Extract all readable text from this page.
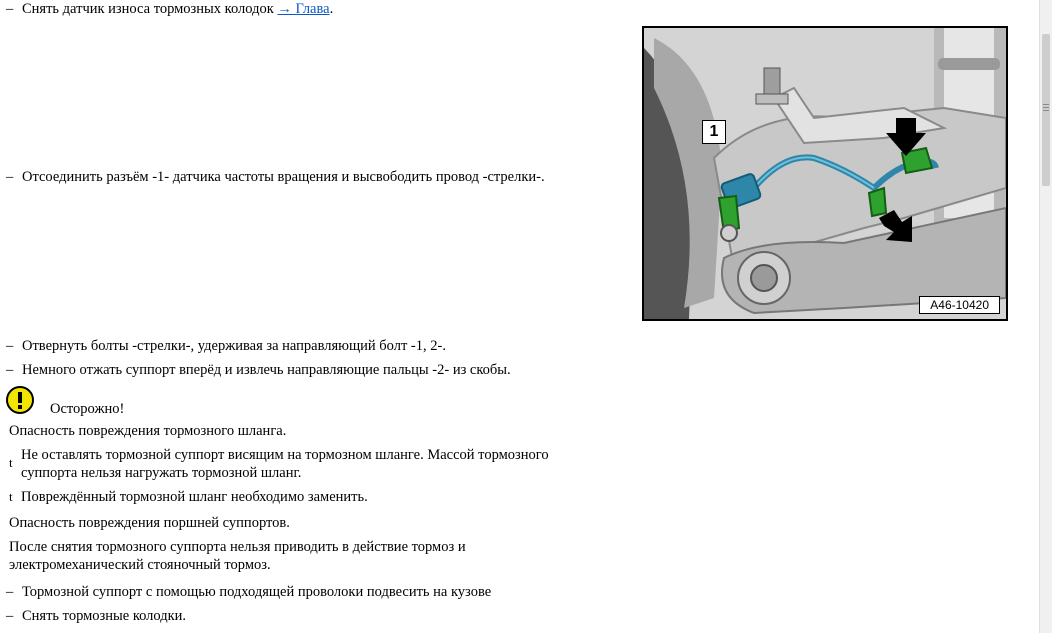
– Снять датчик износа тормозных колодок → Глава.
– Отсоединить разъём -1- датчика частоты вращения и высвободить провод -стрелки-.
– Отвернуть болты -стрелки-, удерживая за направляющий болт -1, 2-.
– Немного отжать суппорт вперёд и извлечь направляющие пальцы -2- из скобы.
Осторожно!
Опасность повреждения тормозного шланга.
t Не оставлять тормозной суппорт висящим на тормозном шланге. Массой тормозного
суппорта нельзя нагружать тормозной шланг.
t Повреждённый тормозной шланг необходимо заменить.
Опасность повреждения поршней суппортов.
После снятия тормозного суппорта нельзя приводить в действие тормоз и
электромеханический стояночный тормоз.
– Тормозной суппорт с помощью подходящей проволоки подвесить на кузове
– Снять тормозные колодки.
1
A46-10420
